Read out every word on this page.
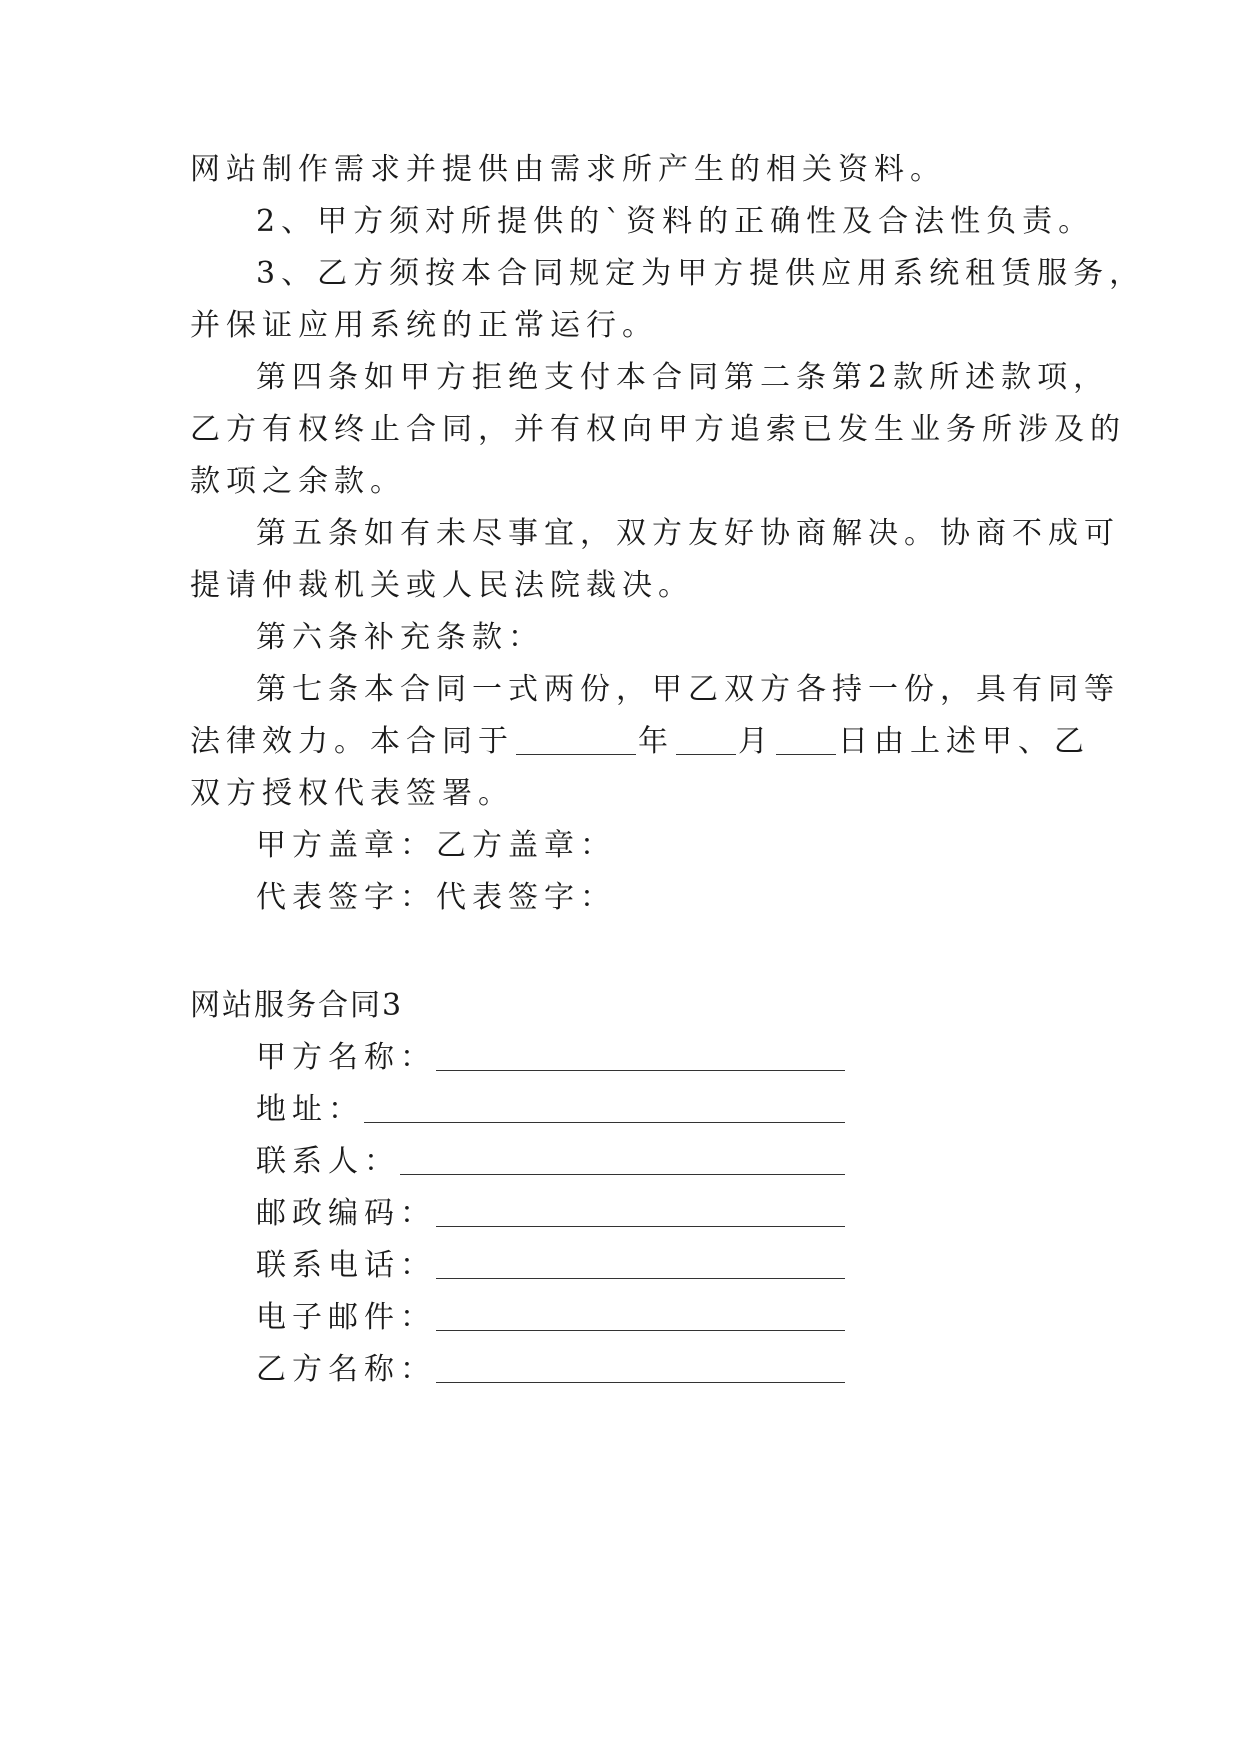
网站制作需求并提供由需求所产生的相关资料。
2、甲方须对所提供的`资料的正确性及合法性负责。
3、乙方须按本合同规定为甲方提供应用系统租赁服务，
并保证应用系统的正常运行。
第四条如甲方拒绝支付本合同第二条第2款所述款项，
乙方有权终止合同，并有权向甲方追索已发生业务所涉及的
款项之余款。
第五条如有未尽事宜，双方友好协商解决。协商不成可
提请仲裁机关或人民法院裁决。
第六条补充条款：
第七条本合同一式两份，甲乙双方各持一份，具有同等
法律效力。本合同于	年 月 日由上述甲、乙
双方授权代表签署。
甲方盖章：乙方盖章：
代表签字：代表签字：
网站服务合同3
甲方名称：
地址：
联系人：
邮政编码：
联系电话：
电子邮件：
乙方名称：
